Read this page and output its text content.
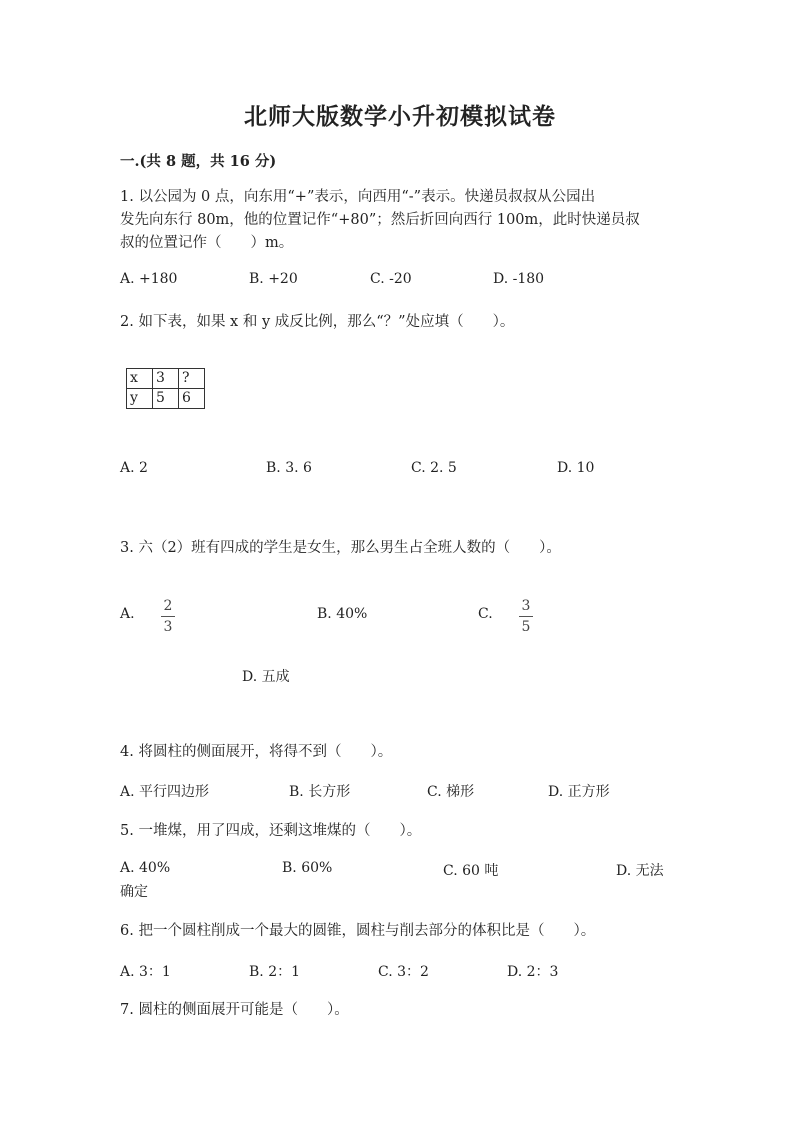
北师大版数学小升初模拟试卷
一.(共 8 题，共 16 分)
1. 以公园为 0 点，向东用“+”表示，向西用“-”表示。快递员叔叔从公园出
发先向东行 80m，他的位置记作“+80”；然后折回向西行 100m，此时快递员叔
叔的位置记作（　　）m。
A. +180	B. +20	C. -20	D. -180
2. 如下表，如果 x 和 y 成反比例，那么“？”处应填（　　）。
x	3	?
y	5	6
A. 2	B. 3. 6	C. 2. 5	D. 10
3. 六（2）班有四成的学生是女生，那么男生占全班人数的（　　）。
A. 2
3
B. 40%	C. 3
5
D. 五成
4. 将圆柱的侧面展开，将得不到（　　）。
A. 平行四边形	B. 长方形	C. 梯形	D. 正方形
5. 一堆煤，用了四成，还剩这堆煤的（　　）。
A. 40%	B. 60%	C. 60 吨	D. 无法
确定
6. 把一个圆柱削成一个最大的圆锥，圆柱与削去部分的体积比是（　　）。
A. 3：1	B. 2：1	C. 3：2	D. 2：3
7. 圆柱的侧面展开可能是（　　）。
